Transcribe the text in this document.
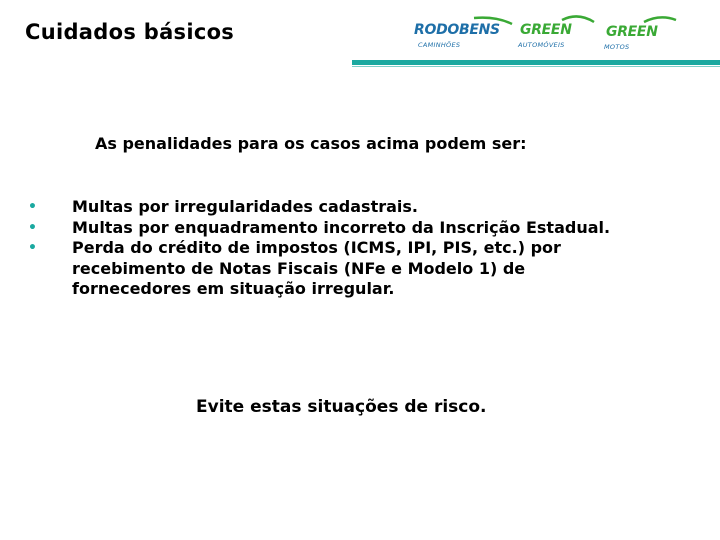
Cuidados básicos	RODOBENS
CAMINHÕES
GREEN
AUTOMÓVEIS
GREEN
MOTOS
As penalidades para os casos acima podem ser:
• Multas por irregularidades cadastrais.
• Multas por enquadramento incorreto da Inscrição Estadual.
• Perda do crédito de impostos (ICMS, IPI, PIS, etc.) por recebimento de Notas Fiscais (NFe e Modelo 1) de fornecedores em situação irregular.
Evite estas situações de risco.
